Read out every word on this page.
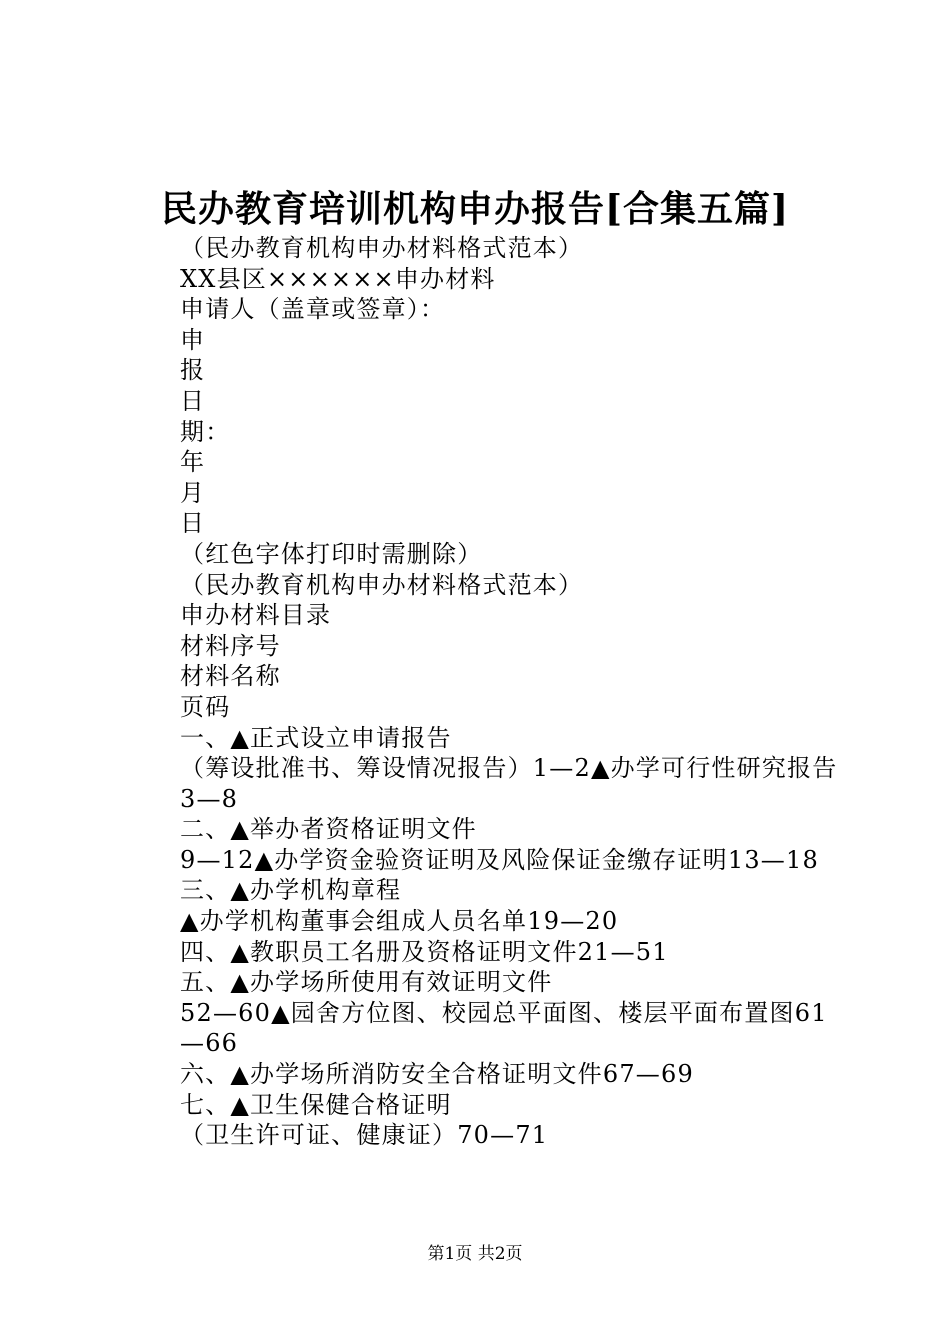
民办教育培训机构申办报告[合集五篇]
（民办教育机构申办材料格式范本）
XX县区××××××申办材料
申请人（盖章或签章）：
申
报
日
期：
年
月
日
（红色字体打印时需删除）
（民办教育机构申办材料格式范本）
申办材料目录
材料序号
材料名称
页码
一、▲正式设立申请报告
（筹设批准书、筹设情况报告）1—2▲办学可行性研究报告
3—8
二、▲举办者资格证明文件
9—12▲办学资金验资证明及风险保证金缴存证明13—18
三、▲办学机构章程
▲办学机构董事会组成人员名单19—20
四、▲教职员工名册及资格证明文件21—51
五、▲办学场所使用有效证明文件
52—60▲园舍方位图、校园总平面图、楼层平面布置图61—66
六、▲办学场所消防安全合格证明文件67—69
七、▲卫生保健合格证明
（卫生许可证、健康证）70—71
第1页 共2页
